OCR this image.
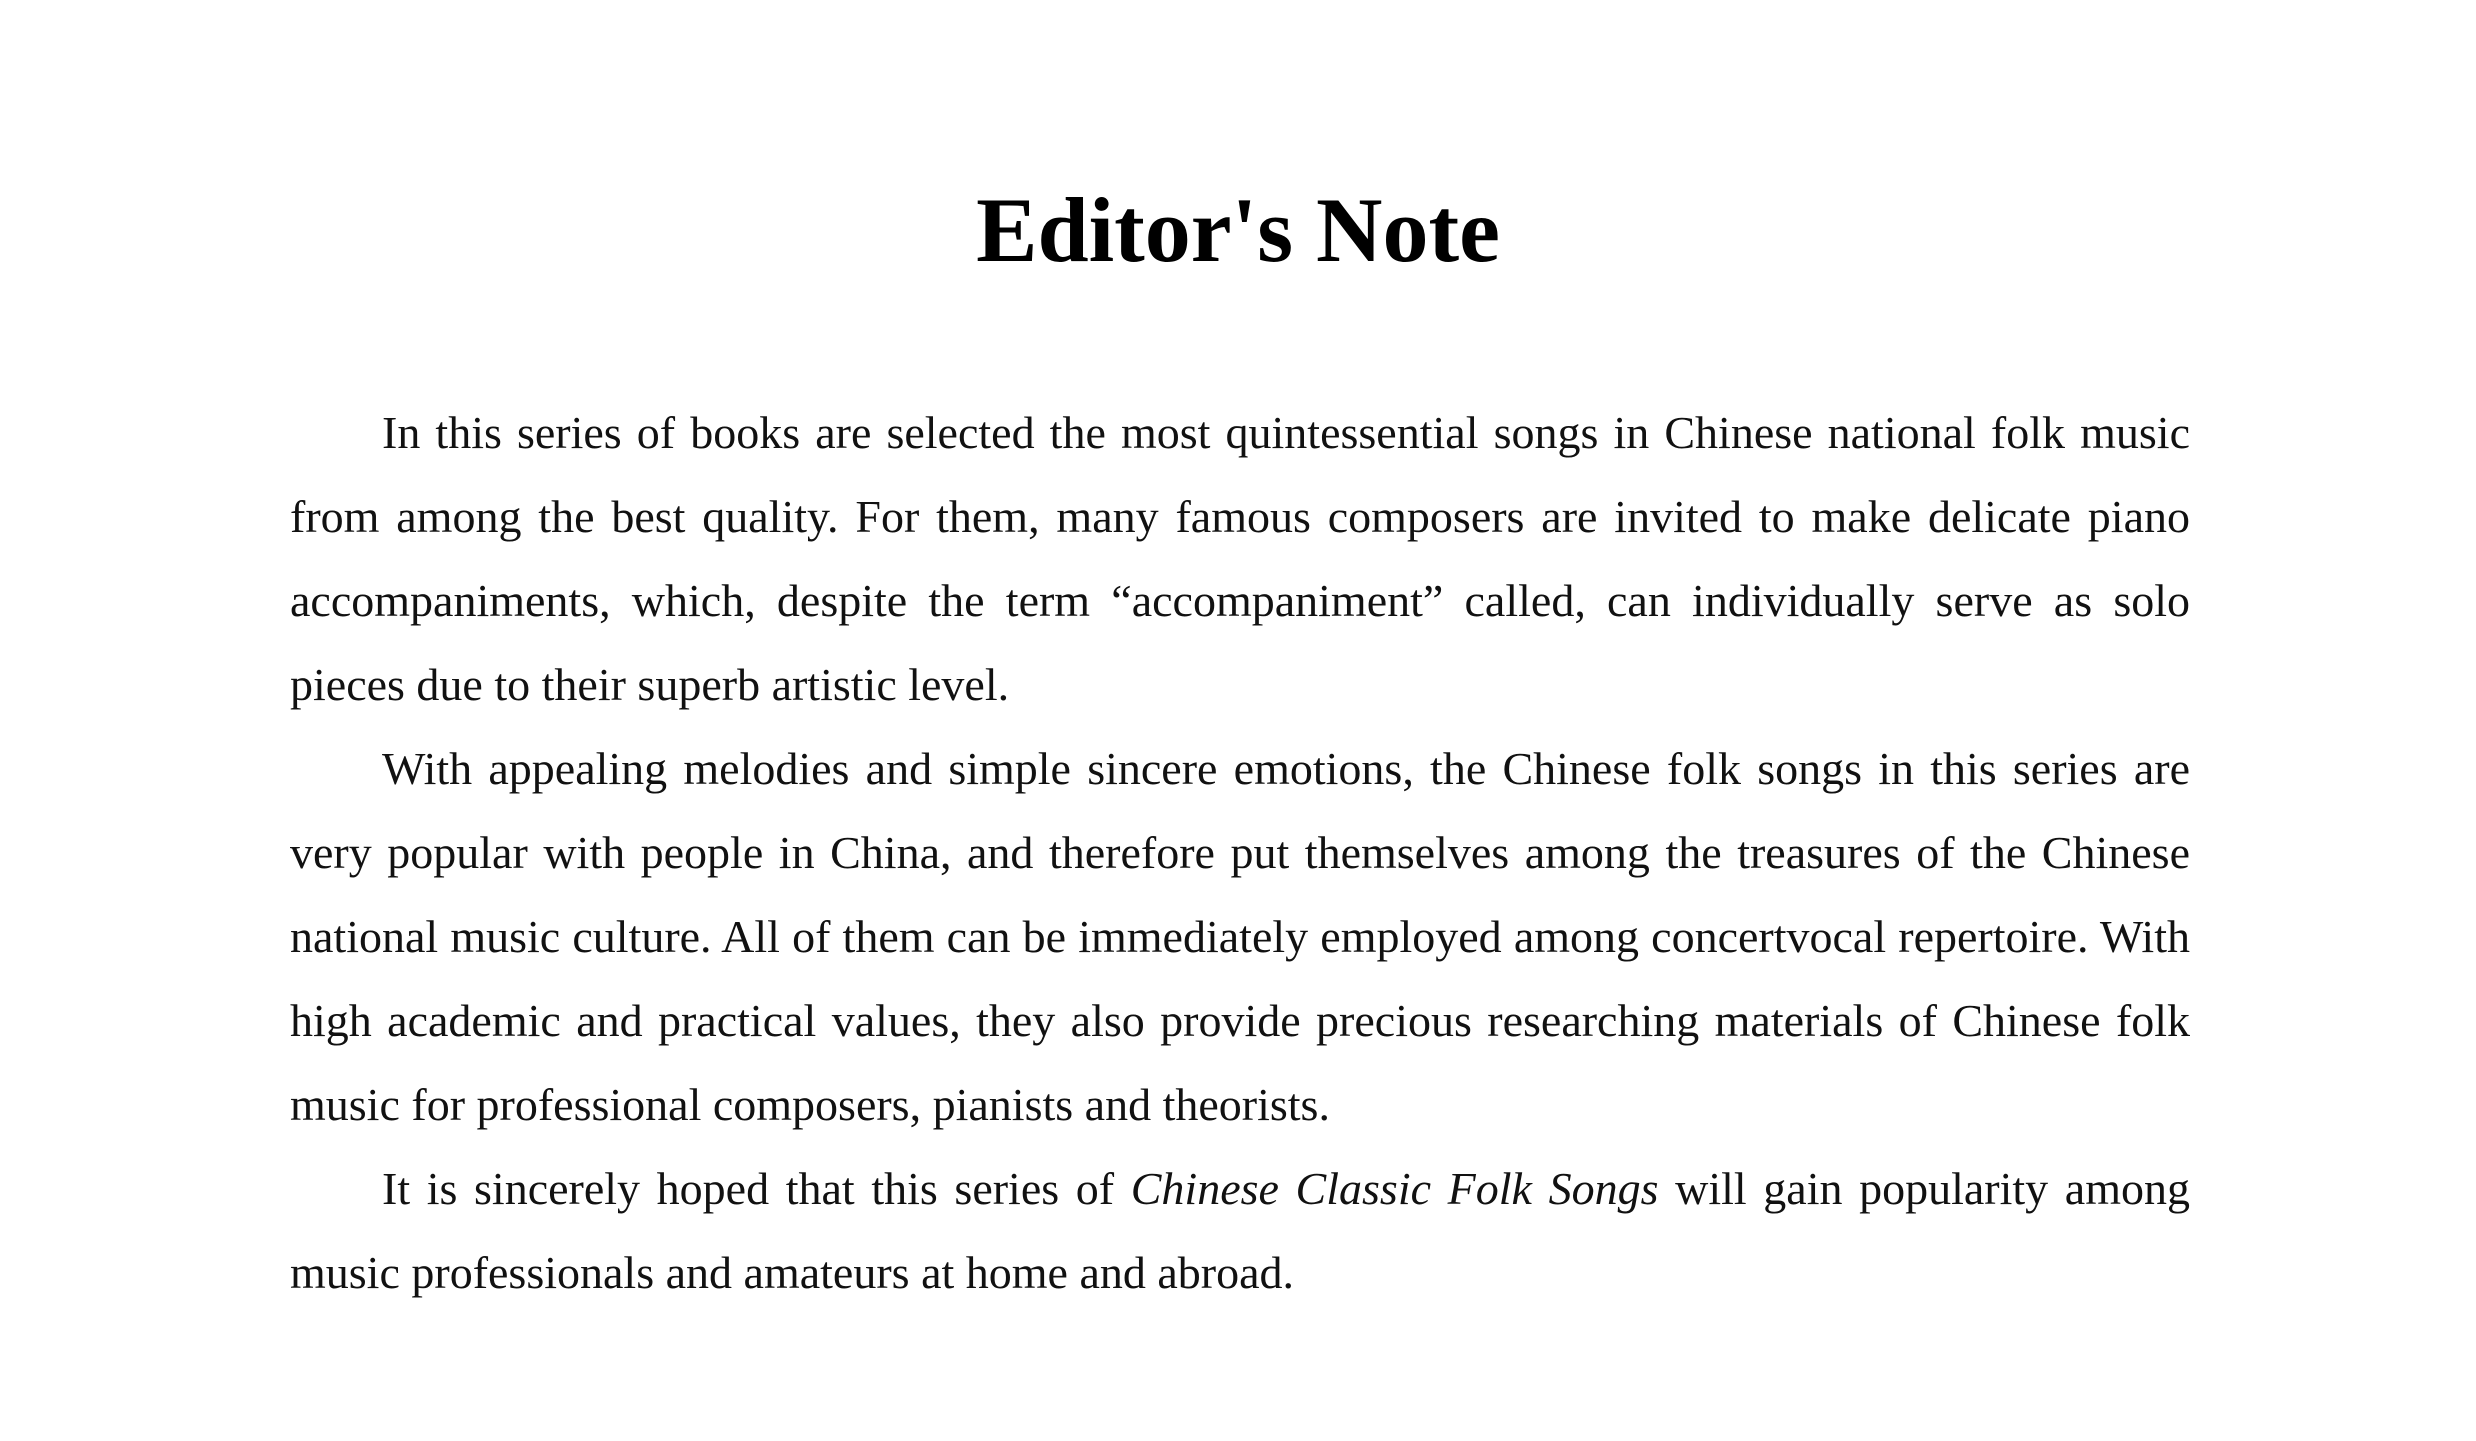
Editor's Note

In this series of books are selected the most quintessential songs in Chinese national folk music from among the best quality. For them, many famous composers are invited to make delicate piano accompaniments, which, despite the term “accompaniment” called, can individually serve as solo pieces due to their superb artistic level.

With appealing melodies and simple sincere emotions, the Chinese folk songs in this series are very popular with people in China, and therefore put themselves among the treasures of the Chinese national music culture. All of them can be immediately employed among concertvocal repertoire. With high academic and practical values, they also provide precious researching materials of Chinese folk music for professional composers, pianists and theorists.

It is sincerely hoped that this series of Chinese Classic Folk Songs will gain popularity among music professionals and amateurs at home and abroad.
